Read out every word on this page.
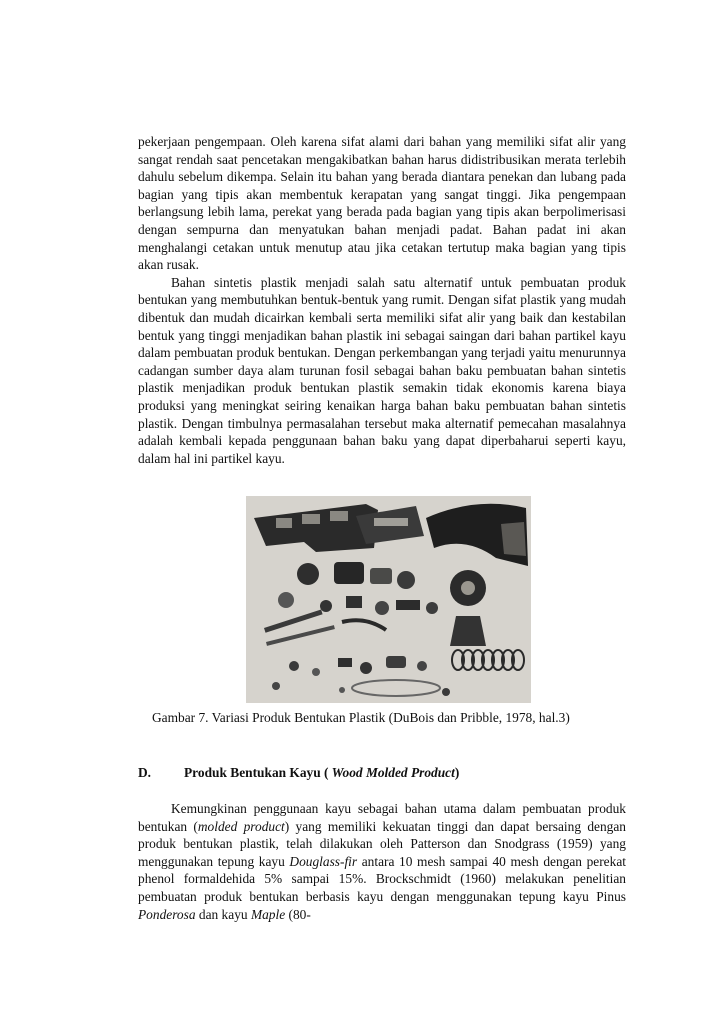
pekerjaan pengempaan. Oleh karena sifat alami dari bahan yang memiliki sifat alir yang sangat rendah saat pencetakan mengakibatkan bahan harus didistribusikan merata terlebih dahulu sebelum dikempa. Selain itu bahan yang berada diantara penekan dan lubang pada bagian yang tipis akan membentuk kerapatan yang sangat tinggi. Jika pengempaan berlangsung lebih lama, perekat yang berada pada bagian yang tipis akan berpolimerisasi dengan sempurna dan menyatukan bahan menjadi padat. Bahan padat ini akan menghalangi cetakan untuk menutup atau jika cetakan tertutup maka bagian yang tipis akan rusak.

Bahan sintetis plastik menjadi salah satu alternatif untuk pembuatan produk bentukan yang membutuhkan bentuk-bentuk yang rumit. Dengan sifat plastik yang mudah dibentuk dan mudah dicairkan kembali serta memiliki sifat alir yang baik dan kestabilan bentuk yang tinggi menjadikan bahan plastik ini sebagai saingan dari bahan partikel kayu dalam pembuatan produk bentukan. Dengan perkembangan yang terjadi yaitu menurunnya cadangan sumber daya alam turunan fosil sebagai bahan baku pembuatan bahan sintetis plastik menjadikan produk bentukan plastik semakin tidak ekonomis karena biaya produksi yang meningkat seiring kenaikan harga bahan baku pembuatan bahan sintetis plastik. Dengan timbulnya permasalahan tersebut maka alternatif pemecahan masalahnya adalah kembali kepada penggunaan bahan baku yang dapat diperbaharui seperti kayu, dalam hal ini partikel kayu.

Gambar 7. Variasi Produk Bentukan Plastik (DuBois dan Pribble, 1978, hal.3)
D. Produk Bentukan Kayu ( Wood Molded Product)

Kemungkinan penggunaan kayu sebagai bahan utama dalam pembuatan produk bentukan (molded product) yang memiliki kekuatan tinggi dan dapat bersaing dengan produk bentukan plastik, telah dilakukan oleh Patterson dan Snodgrass (1959) yang menggunakan tepung kayu Douglass-fir antara 10 mesh sampai 40 mesh dengan perekat phenol formaldehida 5% sampai 15%. Brockschmidt (1960) melakukan penelitian pembuatan produk bentukan berbasis kayu dengan menggunakan tepung kayu Pinus Ponderosa dan kayu Maple (80-
